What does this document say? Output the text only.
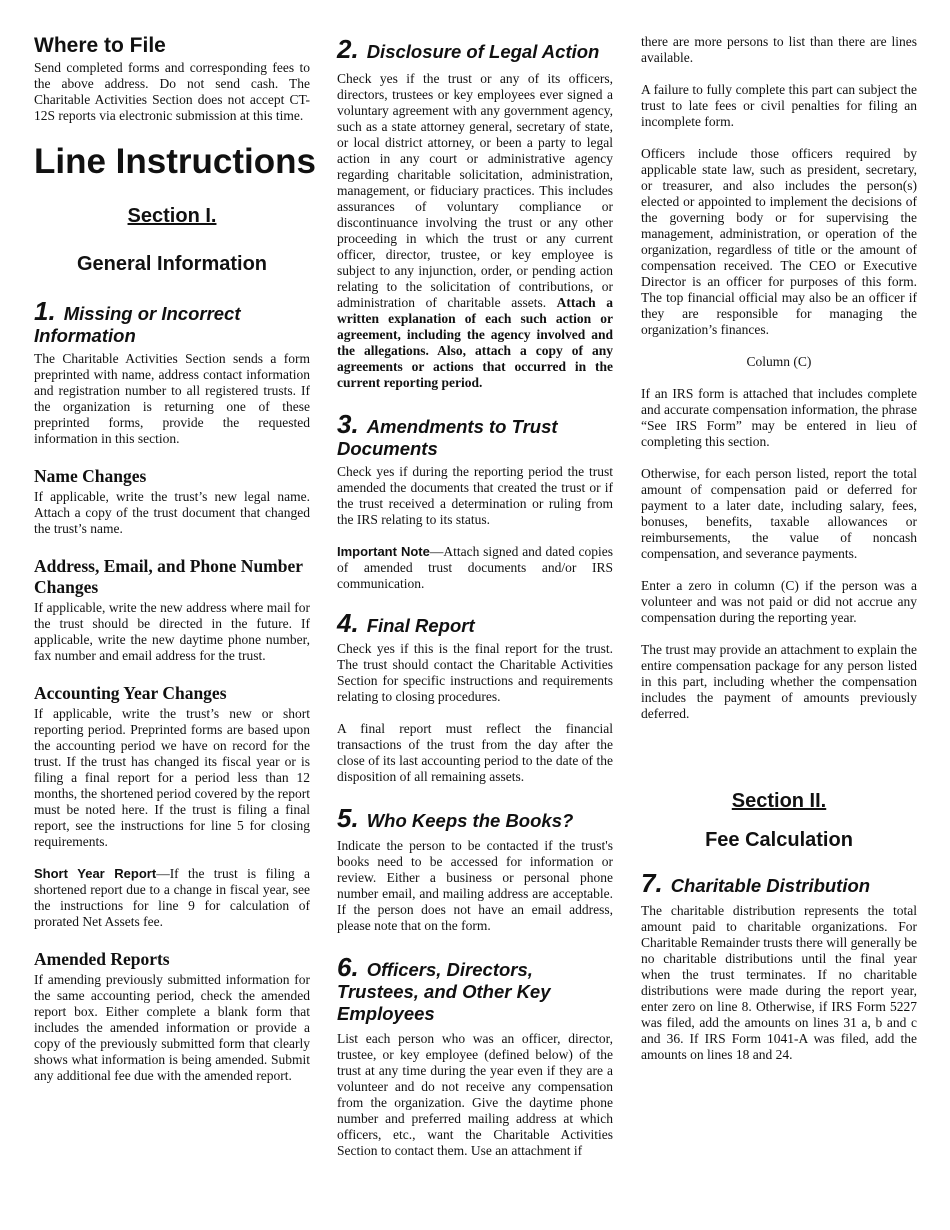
Where to File

Send completed forms and corresponding fees to the above address. Do not send cash. The Charitable Activities Section does not accept CT-12S reports via electronic submission at this time.

Line Instructions
Section I.
General Information
1. Missing or Incorrect Information

The Charitable Activities Section sends a form preprinted with name, address contact information and registration number to all registered trusts. If the organization is returning one of these preprinted forms, provide the requested information in this section.

Name Changes

If applicable, write the trust’s new legal name. Attach a copy of the trust document that changed the trust’s name.

Address, Email, and Phone Number Changes

If applicable, write the new address where mail for the trust should be directed in the future. If applicable, write the new daytime phone number, fax number and email address for the trust.

Accounting Year Changes

If applicable, write the trust’s new or short reporting period. Preprinted forms are based upon the accounting period we have on record for the trust. If the trust has changed its fiscal year or is filing a final report for a period less than 12 months, the shortened period covered by the report must be noted here. If the trust is filing a final report, see the instructions for line 5 for closing requirements.

Short Year Report—If the trust is filing a shortened report due to a change in fiscal year, see the instructions for line 9 for calculation of prorated Net Assets fee.

Amended Reports

If amending previously submitted information for the same accounting period, check the amended report box. Either complete a blank form that includes the amended information or provide a copy of the previously submitted form that clearly shows what information is being amended. Submit any additional fee due with the amended report.

2. Disclosure of Legal Action

Check yes if the trust or any of its officers, directors, trustees or key employees ever signed a voluntary agreement with any government agency, such as a state attorney general, secretary of state, or local district attorney, or been a party to legal action in any court or administrative agency regarding charitable solicitation, administration, management, or fiduciary practices. This includes assurances of voluntary compliance or discontinuance involving the trust or any other proceeding in which the trust or any current officer, director, trustee, or key employee is subject to any injunction, order, or pending action relating to the solicitation of contributions, or administration of charitable assets. Attach a written explanation of each such action or agreement, including the agency involved and the allegations. Also, attach a copy of any agreements or actions that occurred in the current reporting period.

3. Amendments to Trust Documents

Check yes if during the reporting period the trust amended the documents that created the trust or if the trust received a determination or ruling from the IRS relating to its status.

Important Note—Attach signed and dated copies of amended trust documents and/or IRS communication.

4. Final Report

Check yes if this is the final report for the trust. The trust should contact the Charitable Activities Section for specific instructions and requirements relating to closing procedures.

A final report must reflect the financial transactions of the trust from the day after the close of its last accounting period to the date of the disposition of all remaining assets.

5. Who Keeps the Books?

Indicate the person to be contacted if the trust's books need to be accessed for information or review. Either a business or personal phone number email, and mailing address are acceptable. If the person does not have an email address, please note that on the form.

6. Officers, Directors, Trustees, and Other Key Employees

List each person who was an officer, director, trustee, or key employee (defined below) of the trust at any time during the year even if they are a volunteer and do not receive any compensation from the organization. Give the daytime phone number and preferred mailing address at which officers, etc., want the Charitable Activities Section to contact them. Use an attachment if

there are more persons to list than there are lines available.

A failure to fully complete this part can subject the trust to late fees or civil penalties for filing an incomplete form.

Officers include those officers required by applicable state law, such as president, secretary, or treasurer, and also includes the person(s) elected or appointed to implement the decisions of the governing body or for supervising the management, administration, or operation of the organization, regardless of title or the amount of compensation received. The CEO or Executive Director is an officer for purposes of this form. The top financial official may also be an officer if they are responsible for managing the organization’s finances.

Column (C)

If an IRS form is attached that includes complete and accurate compensation information, the phrase “See IRS Form” may be entered in lieu of completing this section.

Otherwise, for each person listed, report the total amount of compensation paid or deferred for payment to a later date, including salary, fees, bonuses, benefits, taxable allowances or reimbursements, the value of noncash compensation, and severance payments.

Enter a zero in column (C) if the person was a volunteer and was not paid or did not accrue any compensation during the reporting year.

The trust may provide an attachment to explain the entire compensation package for any person listed in this part, including whether the compensation includes the payment of amounts previously deferred.

Section II.
Fee Calculation
7. Charitable Distribution

The charitable distribution represents the total amount paid to charitable organizations. For Charitable Remainder trusts there will generally be no charitable distributions until the final year when the trust terminates. If no charitable distributions were made during the report year, enter zero on line 8. Otherwise, if IRS Form 5227 was filed, add the amounts on lines 31 a, b and c and 36. If IRS Form 1041-A was filed, add the amounts on lines 18 and 24.
